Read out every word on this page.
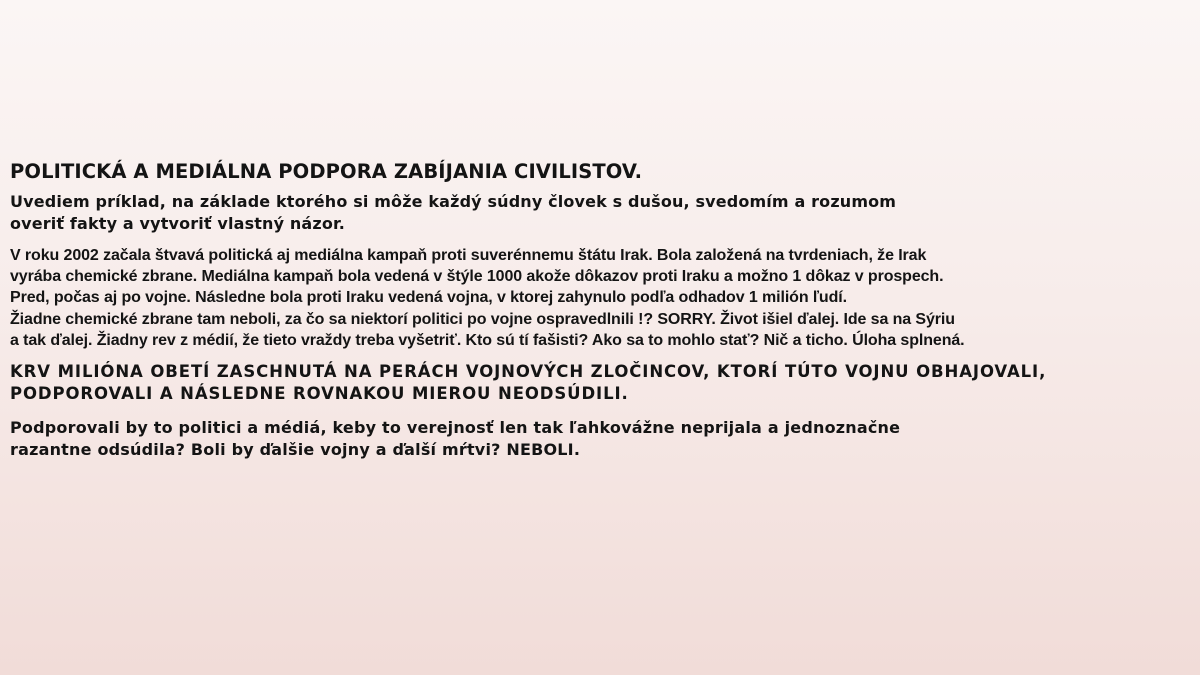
POLITICKÁ A MEDIÁLNA PODPORA ZABÍJANIA CIVILISTOV.

Uvediem príklad, na základe ktorého si môže každý súdny človek s dušou, svedomím a rozumom
overiť fakty a vytvoriť vlastný názor.

V roku 2002 začala štvavá politická aj mediálna kampaň proti suverénnemu štátu Irak. Bola založená na tvrdeniach, že Irak
vyrába chemické zbrane. Mediálna kampaň bola vedená v štýle 1000 akože dôkazov proti Iraku a možno 1 dôkaz v prospech.
Pred, počas aj po vojne. Následne bola proti Iraku vedená vojna, v ktorej zahynulo podľa odhadov 1 milión ľudí.
Žiadne chemické zbrane tam neboli, za čo sa niektorí politici po vojne ospravedlnili !? SORRY. Život išiel ďalej. Ide sa na Sýriu
a tak ďalej. Žiadny rev z médií, že tieto vraždy treba vyšetriť. Kto sú tí fašisti? Ako sa to mohlo stať? Nič a ticho. Úloha splnená.

KRV MILIÓNA OBETÍ ZASCHNUTÁ NA PERÁCH VOJNOVÝCH ZLOČINCOV, KTORÍ TÚTO VOJNU OBHAJOVALI,
PODPOROVALI A NÁSLEDNE ROVNAKOU MIEROU NEODSÚDILI.

Podporovali by to politici a médiá, keby to verejnosť len tak ľahkovážne neprijala a jednoznačne
razantne odsúdila? Boli by ďalšie vojny a ďalší mŕtvi? NEBOLI.
